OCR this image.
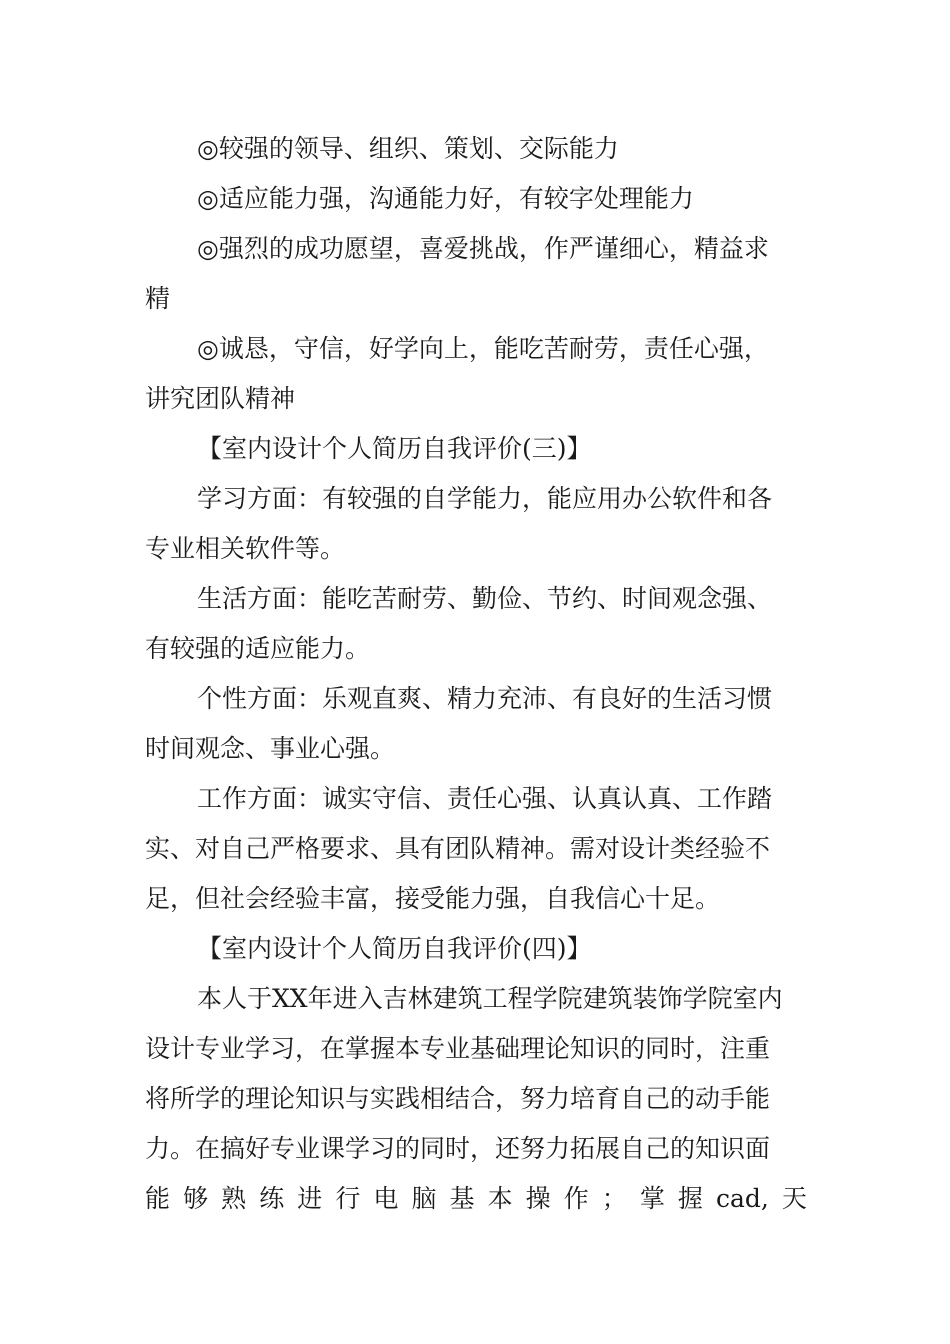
◎较强的领导、组织、策划、交际能力
◎适应能力强，沟通能力好，有较字处理能力
◎强烈的成功愿望，喜爱挑战，作严谨细心，精益求
精
◎诚恳，守信，好学向上，能吃苦耐劳，责任心强，
讲究团队精神
【室内设计个人简历自我评价(三)】
学习方面：有较强的自学能力，能应用办公软件和各
专业相关软件等。
生活方面：能吃苦耐劳、勤俭、节约、时间观念强、
有较强的适应能力。
个性方面：乐观直爽、精力充沛、有良好的生活习惯
时间观念、事业心强。
工作方面：诚实守信、责任心强、认真认真、工作踏
实、对自己严格要求、具有团队精神。需对设计类经验不
足，但社会经验丰富，接受能力强，自我信心十足。
【室内设计个人简历自我评价(四)】
本人于XX年进入吉林建筑工程学院建筑装饰学院室内
设计专业学习，在掌握本专业基础理论知识的同时，注重
将所学的理论知识与实践相结合，努力培育自己的动手能
力。在搞好专业课学习的同时，还努力拓展自己的知识面
能 够 熟 练 进 行 电 脑 基 本 操 作 ； 掌 握 cad, 天
